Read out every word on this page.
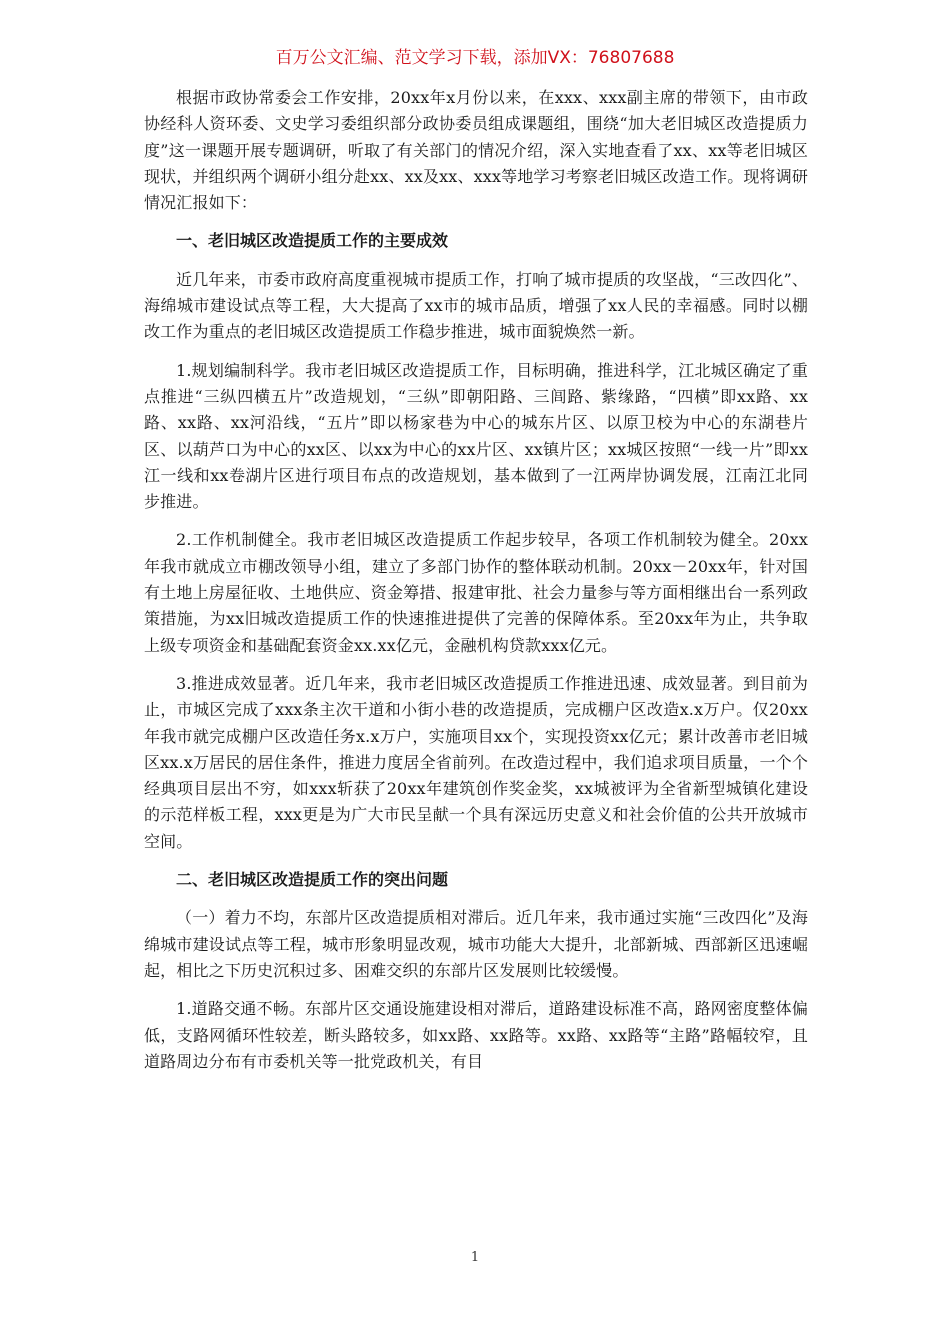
百万公文汇编、范文学习下载，添加VX：76807688

根据市政协常委会工作安排，20xx年x月份以来，在xxx、xxx副主席的带领下，由市政协经科人资环委、文史学习委组织部分政协委员组成课题组，围绕“加大老旧城区改造提质力度”这一课题开展专题调研，听取了有关部门的情况介绍，深入实地查看了xx、xx等老旧城区现状，并组织两个调研小组分赴xx、xx及xx、xxx等地学习考察老旧城区改造工作。现将调研情况汇报如下：

一、老旧城区改造提质工作的主要成效

近几年来，市委市政府高度重视城市提质工作，打响了城市提质的攻坚战，“三改四化”、海绵城市建设试点等工程，大大提高了xx市的城市品质，增强了xx人民的幸福感。同时以棚改工作为重点的老旧城区改造提质工作稳步推进，城市面貌焕然一新。

1.规划编制科学。我市老旧城区改造提质工作，目标明确，推进科学，江北城区确定了重点推进“三纵四横五片”改造规划，“三纵”即朝阳路、三闾路、紫缘路，“四横”即xx路、xx路、xx路、xx河沿线，“五片”即以杨家巷为中心的城东片区、以原卫校为中心的东湖巷片区、以葫芦口为中心的xx区、以xx为中心的xx片区、xx镇片区；xx城区按照“一线一片”即xx江一线和xx卷湖片区进行项目布点的改造规划，基本做到了一江两岸协调发展，江南江北同步推进。

2.工作机制健全。我市老旧城区改造提质工作起步较早，各项工作机制较为健全。20xx年我市就成立市棚改领导小组，建立了多部门协作的整体联动机制。20xx－20xx年，针对国有土地上房屋征收、土地供应、资金筹措、报建审批、社会力量参与等方面相继出台一系列政策措施，为xx旧城改造提质工作的快速推进提供了完善的保障体系。至20xx年为止，共争取上级专项资金和基础配套资金xx.xx亿元，金融机构贷款xxx亿元。

3.推进成效显著。近几年来，我市老旧城区改造提质工作推进迅速、成效显著。到目前为止，市城区完成了xxx条主次干道和小街小巷的改造提质，完成棚户区改造x.x万户。仅20xx年我市就完成棚户区改造任务x.x万户，实施项目xx个，实现投资xx亿元；累计改善市老旧城区xx.x万居民的居住条件，推进力度居全省前列。在改造过程中，我们追求项目质量，一个个经典项目层出不穷，如xxx斩获了20xx年建筑创作奖金奖，xx城被评为全省新型城镇化建设的示范样板工程，xxx更是为广大市民呈献一个具有深远历史意义和社会价值的公共开放城市空间。

二、老旧城区改造提质工作的突出问题

（一）着力不均，东部片区改造提质相对滞后。近几年来，我市通过实施“三改四化”及海绵城市建设试点等工程，城市形象明显改观，城市功能大大提升，北部新城、西部新区迅速崛起，相比之下历史沉积过多、困难交织的东部片区发展则比较缓慢。

1.道路交通不畅。东部片区交通设施建设相对滞后，道路建设标准不高，路网密度整体偏低，支路网循环性较差，断头路较多，如xx路、xx路等。xx路、xx路等“主路”路幅较窄，且道路周边分布有市委机关等一批党政机关，有目

1
